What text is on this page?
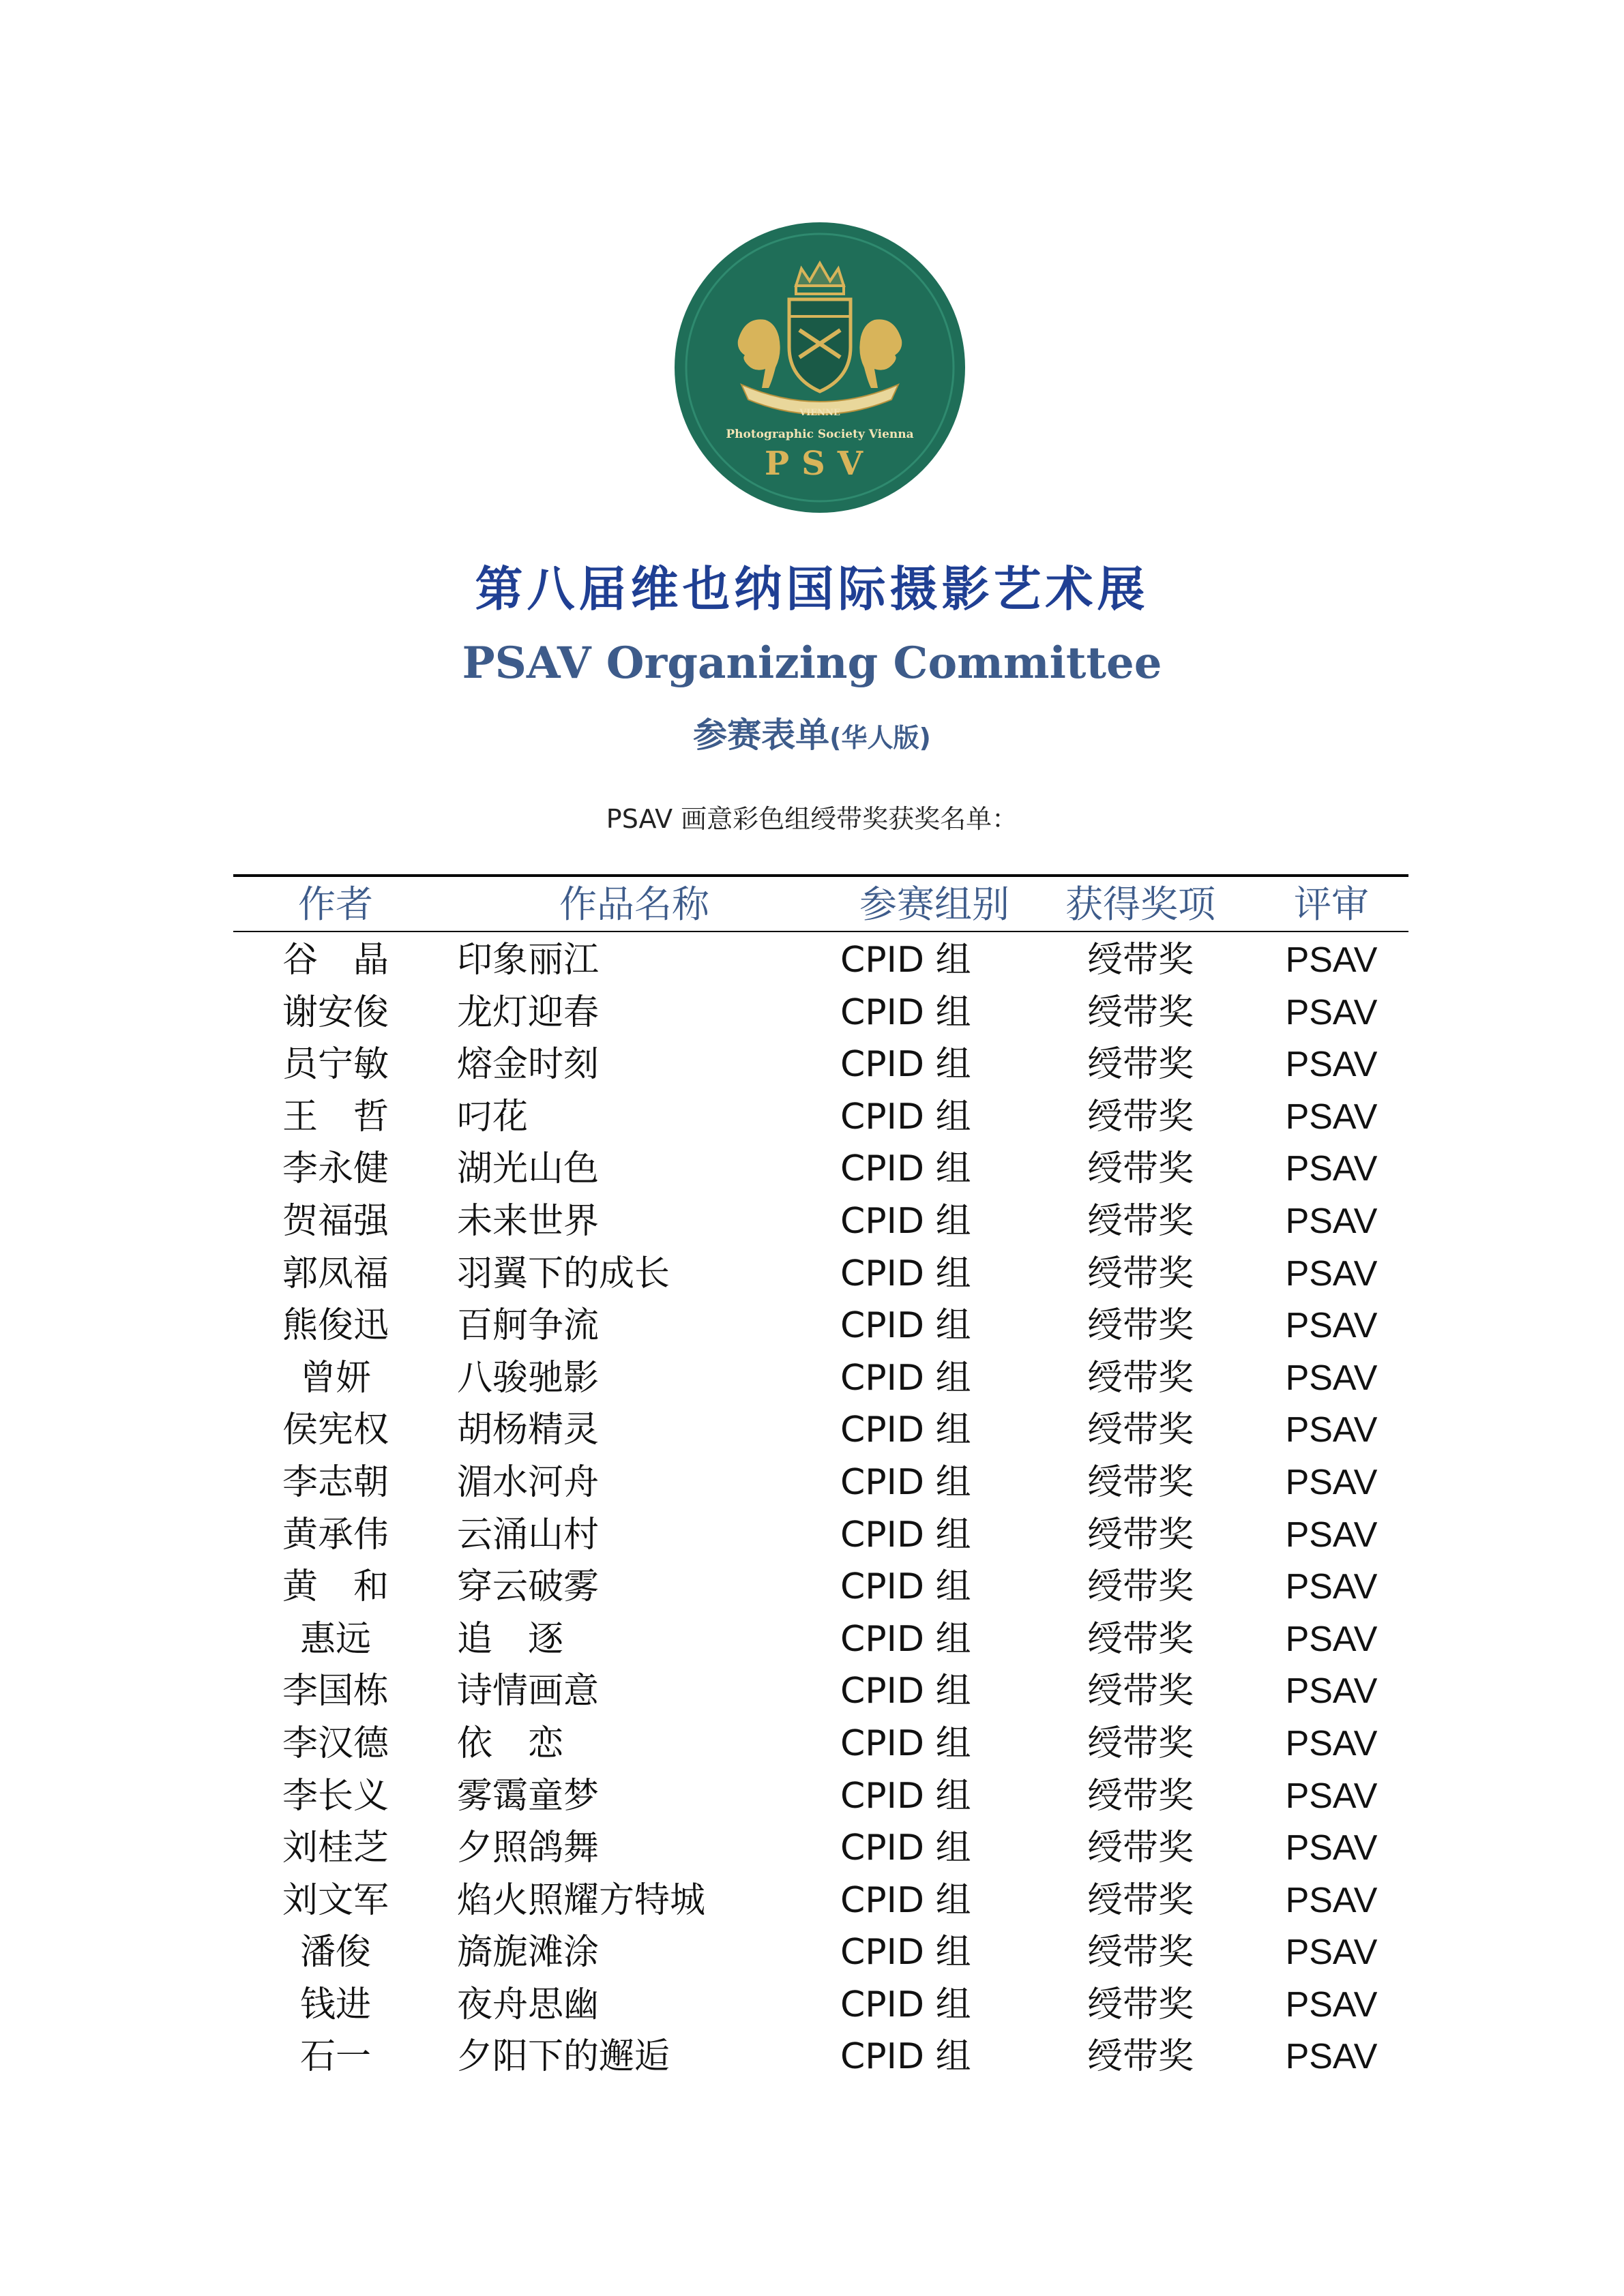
VIENNE
Photographic Society Vienna
PSV
第八届维也纳国际摄影艺术展
PSAV Organizing Committee
参赛表单(华人版)
PSAV 画意彩色组绶带奖获奖名单：
作者	作品名称	参赛组别	获得奖项	评审
谷　晶	印象丽江	CPID 组	绶带奖	PSAV
谢安俊	龙灯迎春	CPID 组	绶带奖	PSAV
员宁敏	熔金时刻	CPID 组	绶带奖	PSAV
王　哲	叼花	CPID 组	绶带奖	PSAV
李永健	湖光山色	CPID 组	绶带奖	PSAV
贺福强	未来世界	CPID 组	绶带奖	PSAV
郭凤福	羽翼下的成长	CPID 组	绶带奖	PSAV
熊俊迅	百舸争流	CPID 组	绶带奖	PSAV
曾妍	八骏驰影	CPID 组	绶带奖	PSAV
侯宪权	胡杨精灵	CPID 组	绶带奖	PSAV
李志朝	湄水河舟	CPID 组	绶带奖	PSAV
黄承伟	云涌山村	CPID 组	绶带奖	PSAV
黄　和	穿云破雾	CPID 组	绶带奖	PSAV
惠远	追　逐	CPID 组	绶带奖	PSAV
李国栋	诗情画意	CPID 组	绶带奖	PSAV
李汉德	依　恋	CPID 组	绶带奖	PSAV
李长义	雾霭童梦	CPID 组	绶带奖	PSAV
刘桂芝	夕照鸽舞	CPID 组	绶带奖	PSAV
刘文军	焰火照耀方特城	CPID 组	绶带奖	PSAV
潘俊	旖旎滩涂	CPID 组	绶带奖	PSAV
钱进	夜舟思幽	CPID 组	绶带奖	PSAV
石一	夕阳下的邂逅	CPID 组	绶带奖	PSAV
